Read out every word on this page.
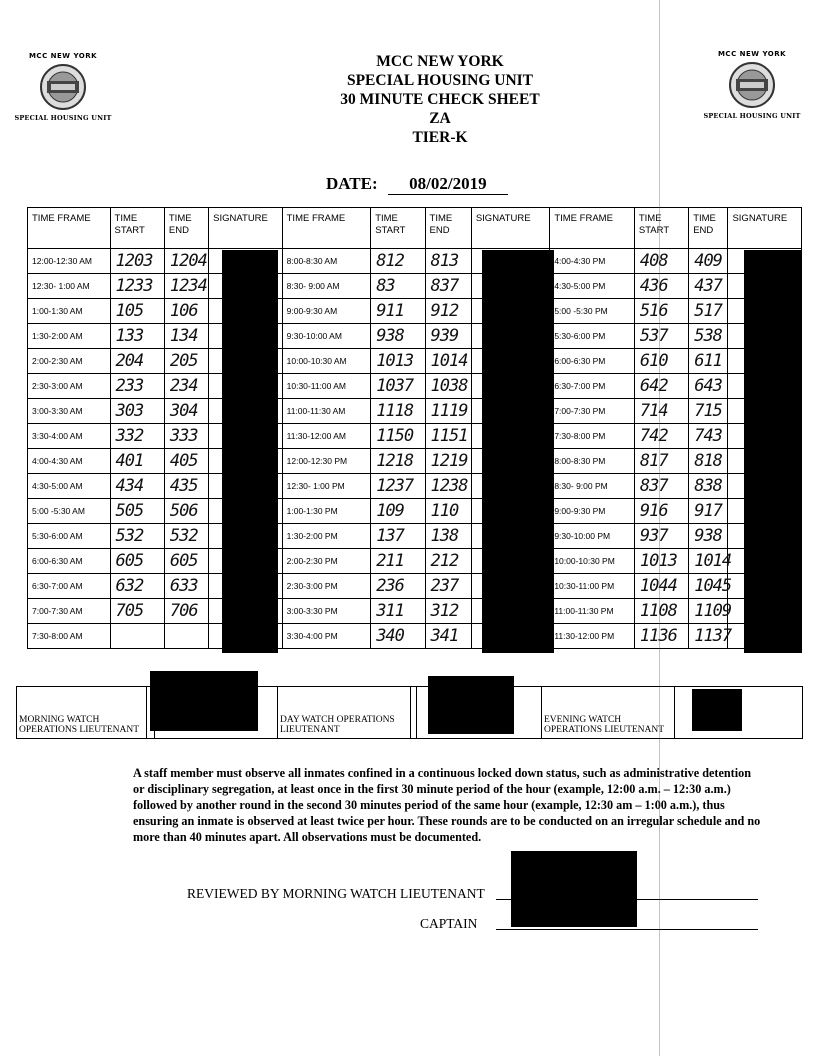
MCC NEW YORK
SPECIAL HOUSING UNIT
MCC NEW YORK
SPECIAL HOUSING UNIT
MCC NEW YORK
SPECIAL HOUSING UNIT
30 MINUTE CHECK SHEET
ZA
TIER-K
DATE: 08/02/2019
TIME FRAME	TIME START	TIME END	SIGNATURE	TIME FRAME	TIME START	TIME END	SIGNATURE	TIME FRAME	TIME START	TIME END	SIGNATURE
12:00-12:30 AM	1203	1204		8:00-8:30 AM	812	813		4:00-4:30 PM	408	409	
12:30- 1:00 AM	1233	1234		8:30- 9:00 AM	83	837		4:30-5:00 PM	436	437	
1:00-1:30 AM	105	106		9:00-9:30 AM	911	912		5:00 -5:30 PM	516	517	
1:30-2:00 AM	133	134		9:30-10:00 AM	938	939		5:30-6:00 PM	537	538	
2:00-2:30 AM	204	205		10:00-10:30 AM	1013	1014		6:00-6:30 PM	610	611	
2:30-3:00 AM	233	234		10:30-11:00 AM	1037	1038		6:30-7:00 PM	642	643	
3:00-3:30 AM	303	304		11:00-11:30 AM	1118	1119		7:00-7:30 PM	714	715	
3:30-4:00 AM	332	333		11:30-12:00 AM	1150	1151		7:30-8:00 PM	742	743	
4:00-4:30 AM	401	405		12:00-12:30 PM	1218	1219		8:00-8:30 PM	817	818	
4:30-5:00 AM	434	435		12:30- 1:00 PM	1237	1238		8:30- 9:00 PM	837	838	
5:00 -5:30 AM	505	506		1:00-1:30 PM	109	110		9:00-9:30 PM	916	917	
5:30-6:00 AM	532	532		1:30-2:00 PM	137	138		9:30-10:00 PM	937	938	
6:00-6:30 AM	605	605		2:00-2:30 PM	211	212		10:00-10:30 PM	1013	1014	
6:30-7:00 AM	632	633		2:30-3:00 PM	236	237		10:30-11:00 PM	1044	1045	
7:00-7:30 AM	705	706		3:00-3:30 PM	311	312		11:00-11:30 PM	1108	1109	
7:30-8:00 AM				3:30-4:00 PM	340	341		11:30-12:00 PM	1136	1137	
MORNING WATCH OPERATIONS LIEUTENANT			DAY WATCH OPERATIONS LIEUTENANT			EVENING WATCH OPERATIONS LIEUTENANT	
A staff member must observe all inmates confined in a continuous locked down status, such as administrative detention or disciplinary segregation, at least once in the first 30 minute period of the hour (example, 12:00 a.m. – 12:30 a.m.) followed by another round in the second 30 minutes period of the same hour (example, 12:30 am – 1:00 a.m.), thus ensuring an inmate is observed at least twice per hour. These rounds are to be conducted on an irregular schedule and no more than 40 minutes apart. All observations must be documented.
REVIEWED BY MORNING WATCH LIEUTENANT
CAPTAIN
